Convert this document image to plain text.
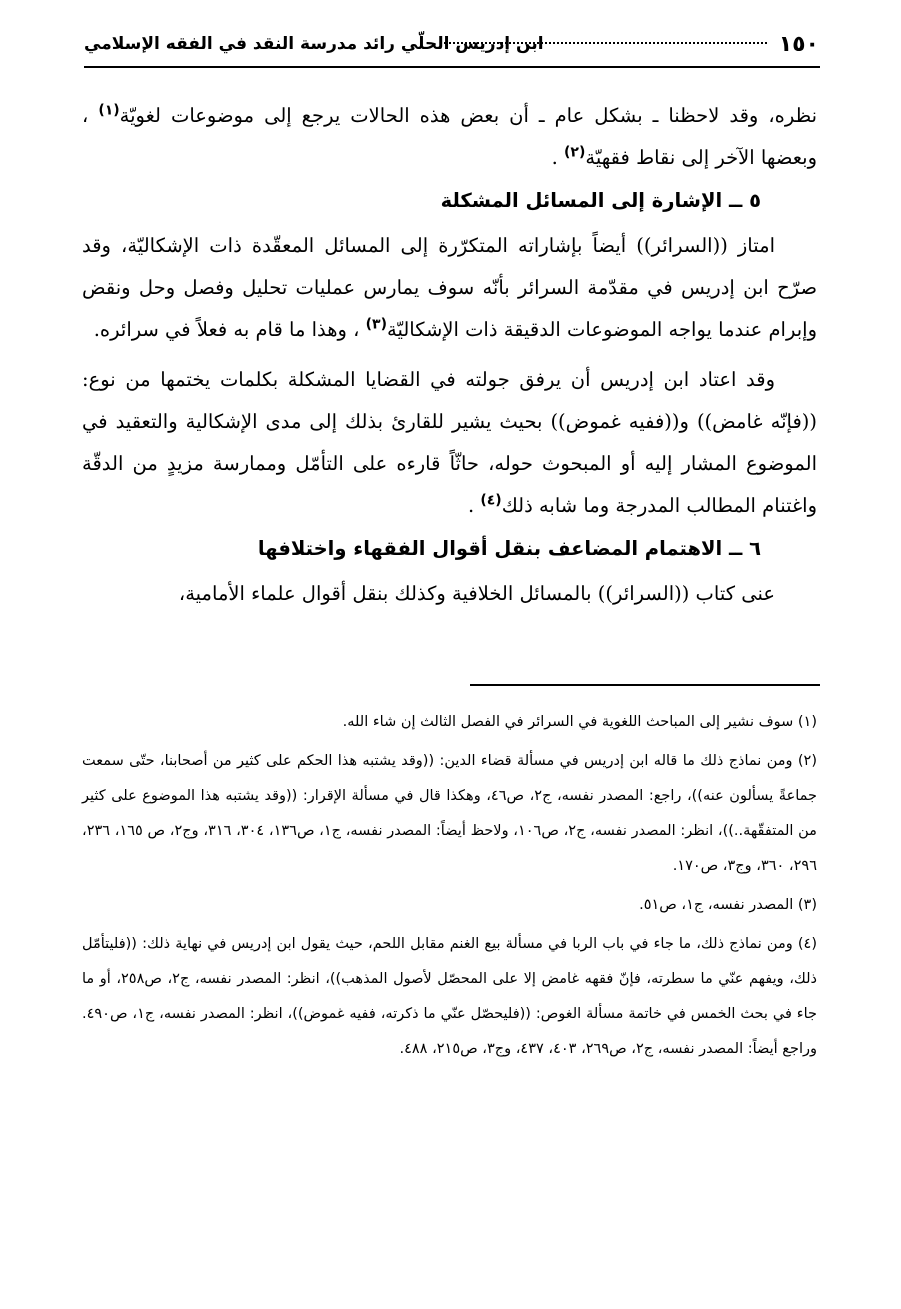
١٥٠
ابن إدريس الحلّي رائد مدرسة النقد في الفقه الإسلامي

نظره، وقد لاحظنا ـ بشكل عام ـ أن بعض هذه الحالات يرجع إلى موضوعات لغويّة$^{(١)}$ ، وبعضها الآخر إلى نقاط فقهيّة$^{(٢)}$ .

٥ ــ الإشارة إلى المسائل المشكلة

امتاز ((السرائر)) أيضاً بإشاراته المتكرّرة إلى المسائل المعقّدة ذات الإشكاليّة، وقد صرّح ابن إدريس في مقدّمة السرائر بأنّه سوف يمارس عمليات تحليل وفصل وحل ونقض وإبرام عندما يواجه الموضوعات الدقيقة ذات الإشكاليّة$^{(٣)}$ ، وهذا ما قام به فعلاً في سرائره.

وقد اعتاد ابن إدريس أن يرفق جولته في القضايا المشكلة بكلمات يختمها من نوع: ((فإنّه غامض)) و((ففيه غموض)) بحيث يشير للقارئ بذلك إلى مدى الإشكالية والتعقيد في الموضوع المشار إليه أو المبحوث حوله، حاثّاً قارءه على التأمّل وممارسة مزيدٍ من الدقّة واغتنام المطالب المدرجة وما شابه ذلك$^{(٤)}$ .

٦ ــ الاهتمام المضاعف بنقل أقوال الفقهاء واختلافها

عنى كتاب ((السرائر)) بالمسائل الخلافية وكذلك بنقل أقوال علماء الأمامية،

(١) سوف نشير إلى المباحث اللغوية في السرائر في الفصل الثالث إن شاء الله.

(٢) ومن نماذج ذلك ما قاله ابن إدريس في مسألة قضاء الدين: ((وقد يشتبه هذا الحكم على كثير من أصحابنا، حتّى سمعت جماعةً يسألون عنه))، راجع: المصدر نفسه، ج٢، ص٤٦، وهكذا قال في مسألة الإقرار: ((وقد يشتبه هذا الموضوع على كثير من المتفقّهة..))، انظر: المصدر نفسه، ج٢، ص١٠٦، ولاحظ أيضاً: المصدر نفسه، ج١، ص١٣٦، ٣٠٤، ٣١٦، وج٢، ص ١٦٥، ٢٣٦، ٢٩٦، ٣٦٠، وج٣، ص١٧٠.

(٣) المصدر نفسه، ج١، ص٥١.

(٤) ومن نماذج ذلك، ما جاء في باب الربا في مسألة بيع الغنم مقابل اللحم، حيث يقول ابن إدريس في نهاية ذلك: ((فليتأمّل ذلك، ويفهم عنّي ما سطرته، فإنّ فقهه غامض إلا على المحصّل لأصول المذهب))، انظر: المصدر نفسه، ج٢، ص٢٥٨، أو ما جاء في بحث الخمس في خاتمة مسألة الغوص: ((فليحصّل عنّي ما ذكرته، ففيه غموض))، انظر: المصدر نفسه، ج١، ص٤٩٠. وراجع أيضاً: المصدر نفسه، ج٢، ص٢٦٩، ٤٠٣، ٤٣٧، وج٣، ص٢١٥، ٤٨٨.
